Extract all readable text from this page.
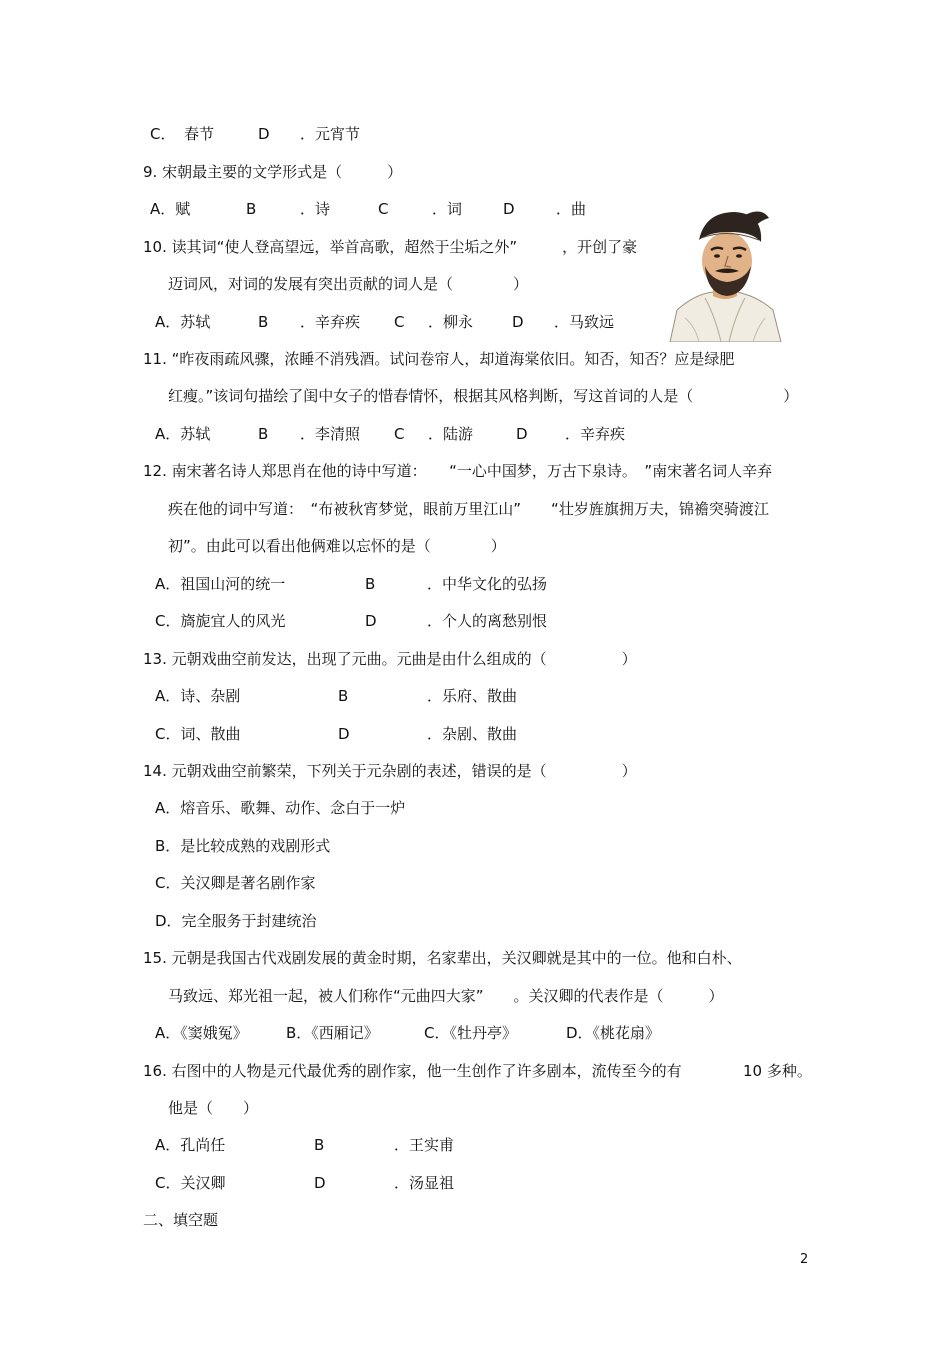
C． 春节	D ．元宵节
9. 宋朝最主要的文学形式是（　　　）
A．赋	B	．诗	C	．词	D	．曲
10. 读其词“使人登高望远，举首高歌，超然于尘垢之外”　　　，开创了豪
迈词风，对词的发展有突出贡献的词人是（　　　　）
A．苏轼	B ．辛弃疾 C ．柳永	D ．马致远
11. “昨夜雨疏风骤，浓睡不消残酒。试问卷帘人，却道海棠依旧。知否，知否？应是绿肥
红瘦。”该词句描绘了闺中女子的惜春情怀，根据其风格判断，写这首词的人是（　　　　　　）
A．苏轼	B ．李清照 C ．陆游	D ．辛弃疾
12. 南宋著名诗人郑思肖在他的诗中写道：　　“一心中国梦，万古下泉诗。　”南宋著名词人辛弃
疾在他的词中写道：　“布被秋宵梦觉，眼前万里江山”　　“壮岁旌旗拥万夫，锦襜突骑渡江
初”。由此可以看出他俩难以忘怀的是（　　　　）
A．祖国山河的统一	B	．中华文化的弘扬
C．旖旎宜人的风光	D	．个人的离愁别恨
13. 元朝戏曲空前发达，出现了元曲。元曲是由什么组成的（　　　　　）
A．诗、杂剧	B	．乐府、散曲
C．词、散曲	D	．杂剧、散曲
14. 元朝戏曲空前繁荣，下列关于元杂剧的表述，错误的是（　　　　　）
A．熔音乐、歌舞、动作、念白于一炉
B．是比较成熟的戏剧形式
C．关汉卿是著名剧作家
D．完全服务于封建统治
15. 元朝是我国古代戏剧发展的黄金时期，名家辈出，关汉卿就是其中的一位。他和白朴、
马致远、郑光祖一起，被人们称作“元曲四大家”　　。关汉卿的代表作是（　　　）
A．《窦娥冤》	B．《西厢记》	C．《牡丹亭》	D．《桃花扇》
16. 右图中的人物是元代最优秀的剧作家，他一生创作了许多剧本，流传至今的有	10 多种。
他是（　　）
A．孔尚任	B	．王实甫
C．关汉卿	D	．汤显祖
二、填空题
2
